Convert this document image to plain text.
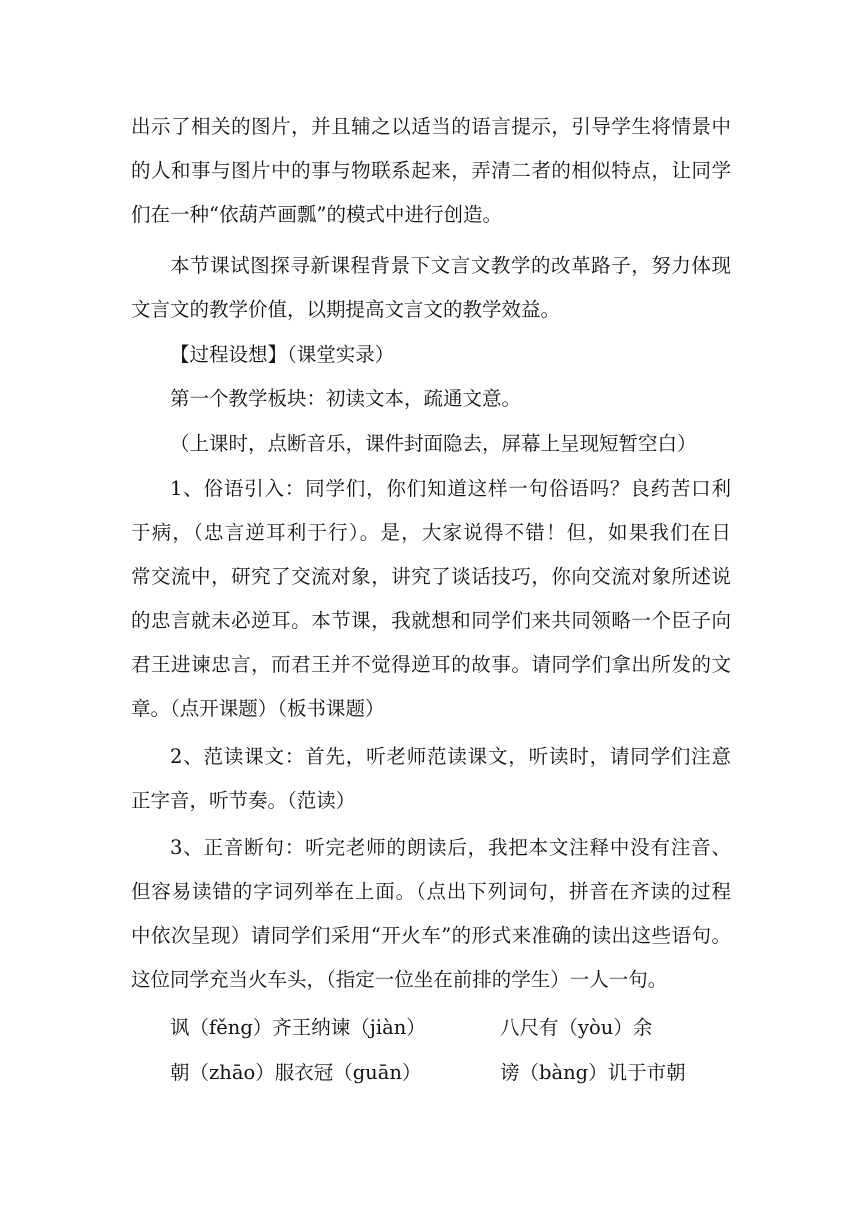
出示了相关的图片，并且辅之以适当的语言提示，引导学生将情景中
的人和事与图片中的事与物联系起来，弄清二者的相似特点，让同学
们在一种“依葫芦画瓢”的模式中进行创造。
本节课试图探寻新课程背景下文言文教学的改革路子，努力体现
文言文的教学价值，以期提高文言文的教学效益。
【过程设想】（课堂实录）
第一个教学板块：初读文本，疏通文意。
（上课时，点断音乐，课件封面隐去，屏幕上呈现短暂空白）
1、俗语引入：同学们，你们知道这样一句俗语吗？良药苦口利
于病，（忠言逆耳利于行）。是，大家说得不错！但，如果我们在日
常交流中，研究了交流对象，讲究了谈话技巧，你向交流对象所述说
的忠言就未必逆耳。本节课，我就想和同学们来共同领略一个臣子向
君王进谏忠言，而君王并不觉得逆耳的故事。请同学们拿出所发的文
章。（点开课题）（板书课题）
2、范读课文：首先，听老师范读课文，听读时，请同学们注意
正字音，听节奏。（范读）
3、正音断句：听完老师的朗读后，我把本文注释中没有注音、
但容易读错的字词列举在上面。（点出下列词句，拼音在齐读的过程
中依次呈现）请同学们采用“开火车”的形式来准确的读出这些语句。
这位同学充当火车头，（指定一位坐在前排的学生）一人一句。
讽（fěng）齐王纳谏（jiàn）	八尺有（yòu）余
朝（zhāo）服衣冠（guān）	谤（bàng）讥于市朝
